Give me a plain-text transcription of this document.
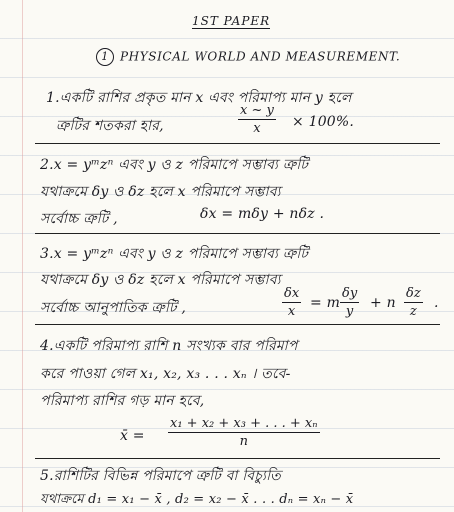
1ST PAPER
1 PHYSICAL WORLD AND MEASUREMENT.
1.একটি রাশির প্রকৃত মান x এবং পরিমাপ্য মান y হলে
ত্রুটির শতকরা হার,
x ~ y
x × 100%.
2.x = yᵐzⁿ এবং y ও z পরিমাপে সম্ভাব্য ত্রুটি
যথাক্রমে δy ও δz হলে x পরিমাপে সম্ভাব্য
সর্বোচ্চ ত্রুটি ,	δx = mδy + nδz .
3.x = yᵐzⁿ এবং y ও z পরিমাপে সম্ভাব্য ত্রুটি
যথাক্রমে δy ও δz হলে x পরিমাপে সম্ভাব্য
সর্বোচ্চ আনুপাতিক ত্রুটি ,
δx
x
= m
δy
y
+ n
δz
z
.
4.একটি পরিমাপ্য রাশি n সংখ্যক বার পরিমাপ
করে পাওয়া গেল x₁, x₂, x₃ . . . xₙ । তবে-
পরিমাপ্য রাশির গড় মান হবে,
x̄ =
x₁ + x₂ + x₃ + . . . + xₙ
n
5.রাশিটির বিভিন্ন পরিমাপে ত্রুটি বা বিচ্যুতি
যথাক্রমে d₁ = x₁ − x̄ , d₂ = x₂ − x̄ . . . dₙ = xₙ − x̄
